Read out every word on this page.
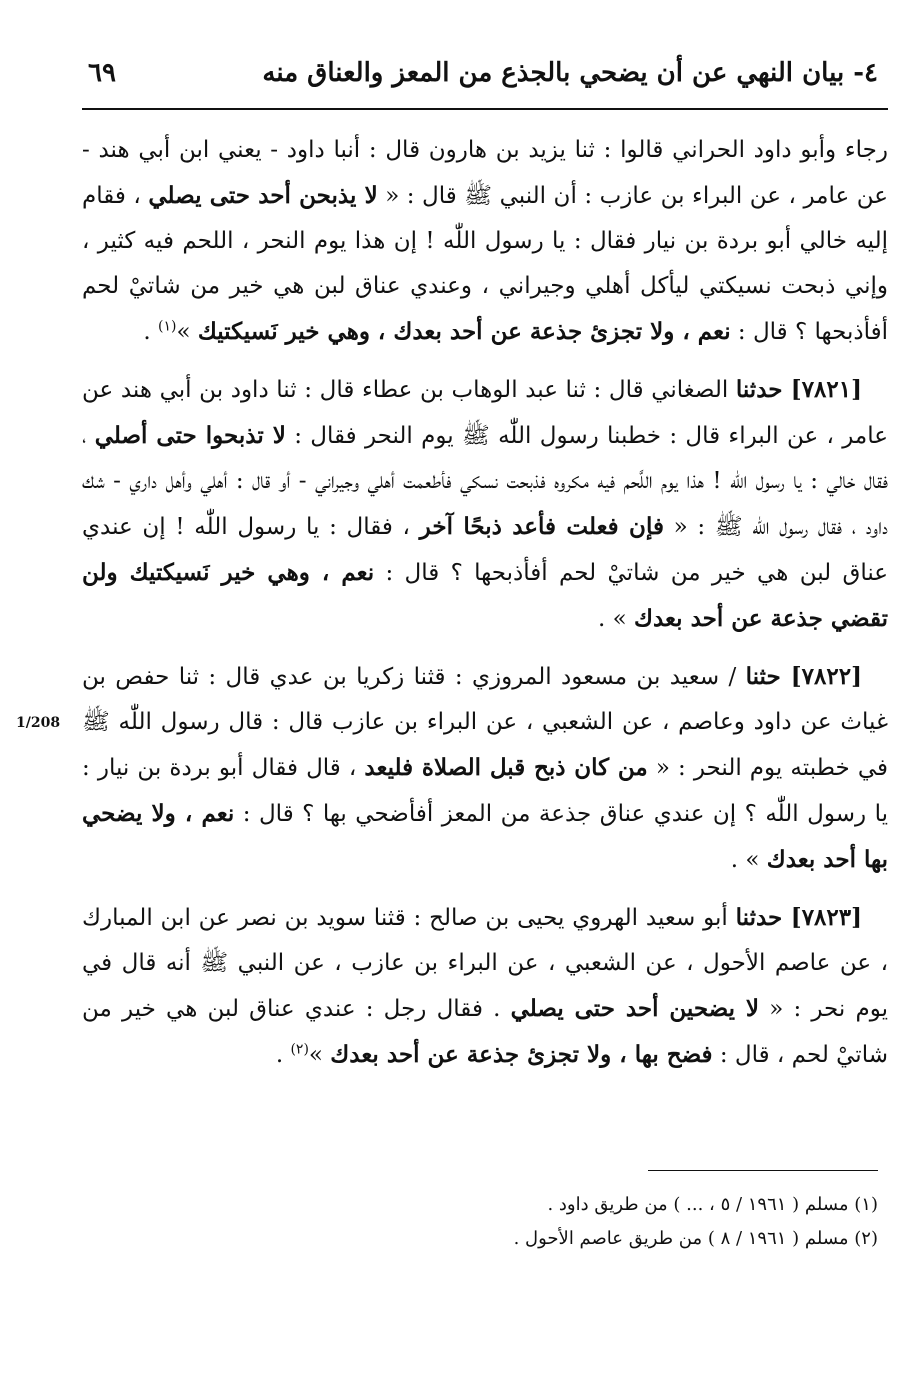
٤- بيان النهي عن أن يضحي بالجذع من المعز والعناق منه
٦٩
1/208

رجاء وأبو داود الحراني قالوا : ثنا يزيد بن هارون قال : أنبا داود - يعني ابن أبي هند - عن عامر ، عن البراء بن عازب : أن النبي ﷺ قال : « لا يذبحن أحد حتى يصلي ، فقام إليه خالي أبو بردة بن نيار فقال : يا رسول اللّٰه ! إن هذا يوم النحر ، اللحم فيه كثير ، وإني ذبحت نسيكتي ليأكل أهلي وجيراني ، وعندي عناق لبن هي خير من شاتيْ لحم أفأذبحها ؟ قال : نعم ، ولا تجزئ جذعة عن أحد بعدك ، وهي خير نَسيكتيك »$^{(١)}$ .

[٧٨٢١] حدثنا الصغاني قال : ثنا عبد الوهاب بن عطاء قال : ثنا داود بن أبي هند عن عامر ، عن البراء قال : خطبنا رسول اللّٰه ﷺ يوم النحر فقال : لا تذبحوا حتى أصلي ، فقال خالي : يا رسول اللّٰه ! هذا يوم اللَّحم فيه مكروه فذبحت نسكي فأطعمت أهلي وجيراني - أو قال : أهلي وأهل داري - شك داود ، فقال رسول اللّٰه ﷺ : « فإن فعلت فأعد ذبحًا آخر ، فقال : يا رسول اللّٰه ! إن عندي عناق لبن هي خير من شاتيْ لحم أفأذبحها ؟ قال : نعم ، وهي خير نَسيكتيك ولن تقضي جذعة عن أحد بعدك » .

[٧٨٢٢] حثنا / سعيد بن مسعود المروزي : قثنا زكريا بن عدي قال : ثنا حفص بن غياث عن داود وعاصم ، عن الشعبي ، عن البراء بن عازب قال : قال رسول اللّٰه ﷺ في خطبته يوم النحر : « من كان ذبح قبل الصلاة فليعد ، قال فقال أبو بردة بن نيار : يا رسول اللّٰه ؟ إن عندي عناق جذعة من المعز أفأضحي بها ؟ قال : نعم ، ولا يضحي بها أحد بعدك » .

[٧٨٢٣] حدثنا أبو سعيد الهروي يحيى بن صالح : قثنا سويد بن نصر عن ابن المبارك ، عن عاصم الأحول ، عن الشعبي ، عن البراء بن عازب ، عن النبي ﷺ أنه قال في يوم نحر : « لا يضحين أحد حتى يصلي . فقال رجل : عندي عناق لبن هي خير من شاتيْ لحم ، قال : فضح بها ، ولا تجزئ جذعة عن أحد بعدك »$^{(٢)}$ .

(١) مسلم ( ١٩٦١ / ٥ ، ... ) من طريق داود .
(٢) مسلم ( ١٩٦١ / ٨ ) من طريق عاصم الأحول .
